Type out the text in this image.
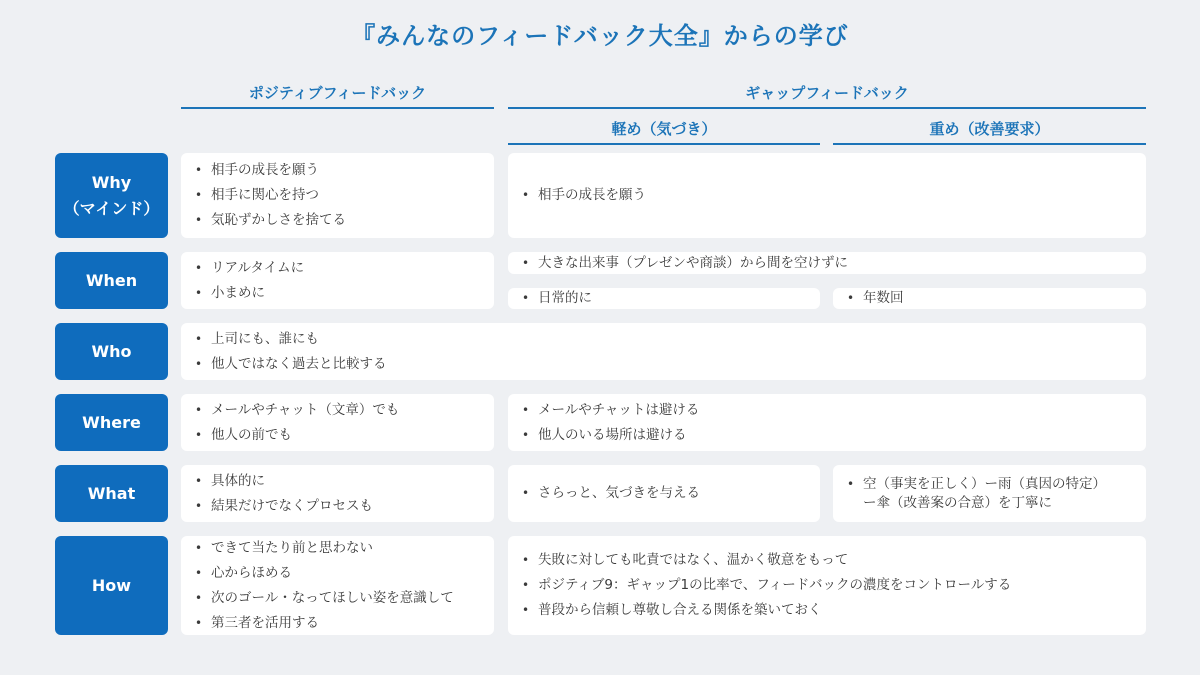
『みんなのフィードバック大全』からの学び
ポジティブフィードバック	ギャップフィードバック
軽め（気づき）	重め（改善要求）
Why
（マインド）
• 相手の成長を願う
• 相手に関心を持つ
• 気恥ずかしさを捨てる
• 相手の成長を願う
When
• リアルタイムに
• 小まめに
• 大きな出来事（プレゼンや商談）から間を空けずに
• 日常的に
•	年数回
Who
• 上司にも、誰にも
• 他人ではなく過去と比較する
Where
• メールやチャット（文章）でも
• 他人の前でも
• メールやチャットは避ける
• 他人のいる場所は避ける
What
• 具体的に
• 結果だけでなくプロセスも
• さらっと、気づきを与える
• 空（事実を正しく）ー雨（真因の特定）
ー傘（改善案の合意）を丁寧に
How
• できて当たり前と思わない
• 心からほめる
• 次のゴール・なってほしい姿を意識して
• 第三者を活用する
• 失敗に対しても叱責ではなく、温かく敬意をもって
• ポジティブ9：ギャップ1の比率で、フィードバックの濃度をコントロールする
• 普段から信頼し尊敬し合える関係を築いておく
